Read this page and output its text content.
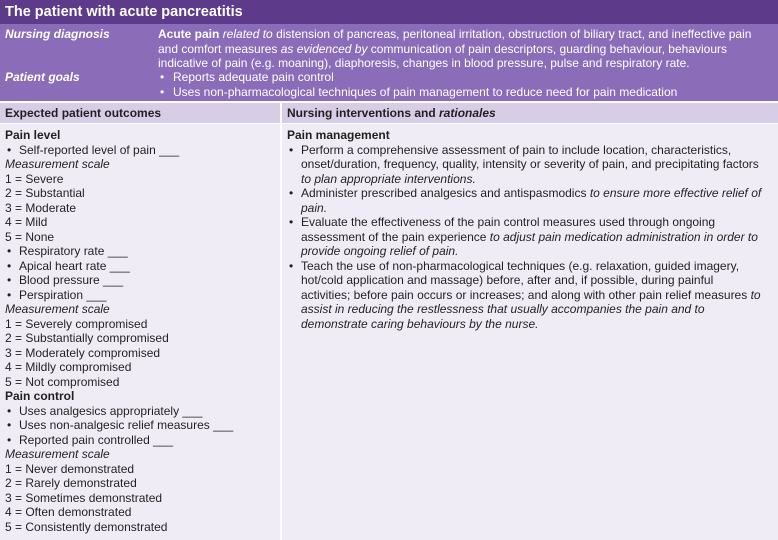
The patient with acute pancreatitis
Nursing diagnosis	Acute pain related to distension of pancreas, peritoneal irritation, obstruction of biliary tract, and ineffective pain and comfort measures as evidenced by communication of pain descriptors, guarding behaviour, behaviours indicative of pain (e.g. moaning), diaphoresis, changes in blood pressure, pulse and respiratory rate.
Patient goals
•	Reports adequate pain control
• Uses non-pharmacological techniques of pain management to reduce need for pain medication
Expected patient outcomes	Nursing interventions and rationales
Pain level
• Self-reported level of pain ___
Measurement scale
1 = Severe
2 = Substantial
3 = Moderate
4 = Mild
5 = None
• Respiratory rate ___
• Apical heart rate ___
• Blood pressure ___
• Perspiration ___
Measurement scale
1 = Severely compromised
2 = Substantially compromised
3 = Moderately compromised
4 = Mildly compromised
5 = Not compromised
Pain control
• Uses analgesics appropriately ___
• Uses non-analgesic relief measures ___
• Reported pain controlled ___
Measurement scale
1 = Never demonstrated
2 = Rarely demonstrated
3 = Sometimes demonstrated
4 = Often demonstrated
5 = Consistently demonstrated
Pain management
• Perform a comprehensive assessment of pain to include location, characteristics, onset/duration, frequency, quality, intensity or severity of pain, and precipitating factors to plan appropriate interventions.
• Administer prescribed analgesics and antispasmodics to ensure more effective relief of pain.
• Evaluate the effectiveness of the pain control measures used through ongoing assessment of the pain experience to adjust pain medication administration in order to provide ongoing relief of pain.
• Teach the use of non-pharmacological techniques (e.g. relaxation, guided imagery, hot/cold application and massage) before, after and, if possible, during painful activities; before pain occurs or increases; and along with other pain relief measures to assist in reducing the restlessness that usually accompanies the pain and to demonstrate caring behaviours by the nurse.
